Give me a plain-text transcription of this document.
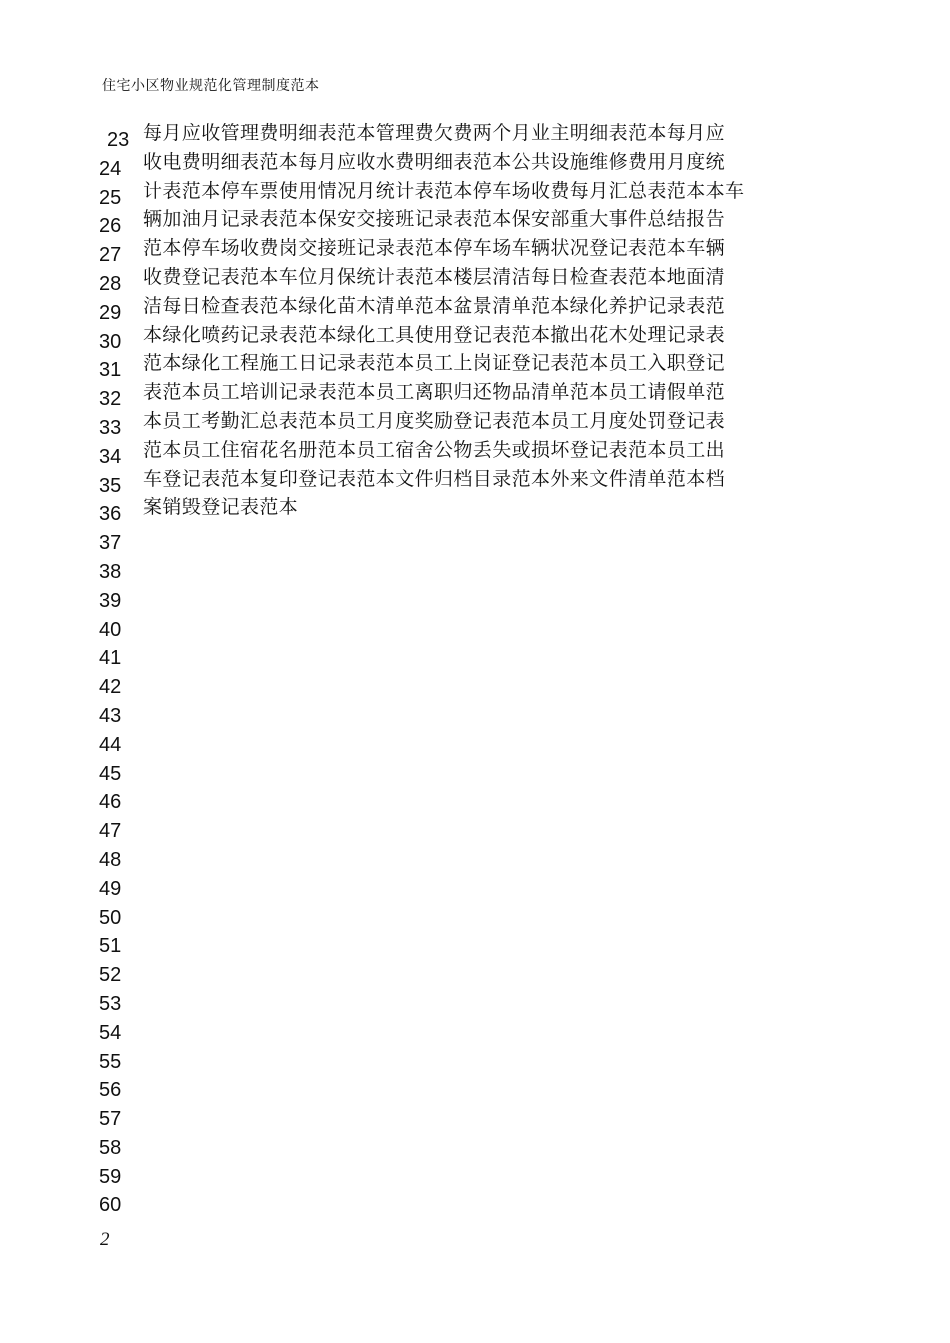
住宅小区物业规范化管理制度范本
23
24
25
26
27
28
29
30
31
32
33
34
35
36
37
38
39
40
41
42
43
44
45
46
47
48
49
50
51
52
53
54
55
56
57
58
59
60
每月应收管理费明细表范本管理费欠费两个月业主明细表范本每月应
收电费明细表范本每月应收水费明细表范本公共设施维修费用月度统
计表范本停车票使用情况月统计表范本停车场收费每月汇总表范本本车
辆加油月记录表范本保安交接班记录表范本保安部重大事件总结报告
范本停车场收费岗交接班记录表范本停车场车辆状况登记表范本车辆
收费登记表范本车位月保统计表范本楼层清洁每日检查表范本地面清
洁每日检查表范本绿化苗木清单范本盆景清单范本绿化养护记录表范
本绿化喷药记录表范本绿化工具使用登记表范本撤出花木处理记录表
范本绿化工程施工日记录表范本员工上岗证登记表范本员工入职登记
表范本员工培训记录表范本员工离职归还物品清单范本员工请假单范
本员工考勤汇总表范本员工月度奖励登记表范本员工月度处罚登记表
范本员工住宿花名册范本员工宿舍公物丢失或损坏登记表范本员工出
车登记表范本复印登记表范本文件归档目录范本外来文件清单范本档
案销毁登记表范本
2
